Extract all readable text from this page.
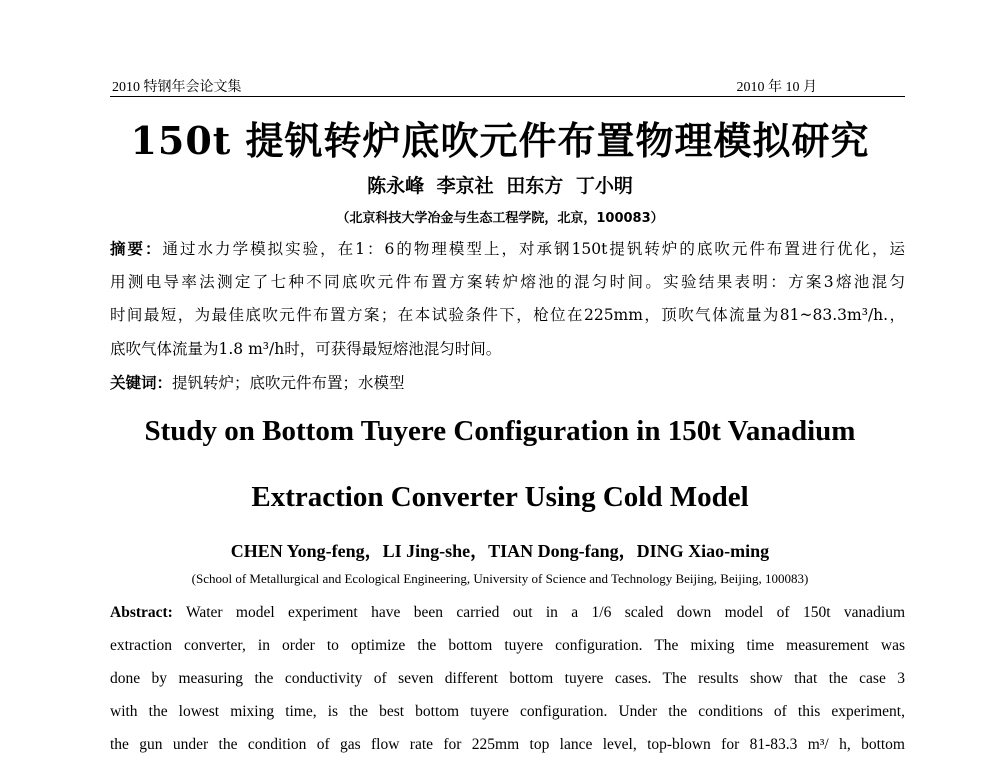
2010 特钢年会论文集	2010 年 10 月
150t 提钒转炉底吹元件布置物理模拟研究
陈永峰 李京社 田东方 丁小明
（北京科技大学冶金与生态工程学院，北京，100083）
摘要：通过水力学模拟实验，在1：6的物理模型上，对承钢150t提钒转炉的底吹元件布置进行优化，运
用测电导率法测定了七种不同底吹元件布置方案转炉熔池的混匀时间。实验结果表明：方案3熔池混匀
时间最短，为最佳底吹元件布置方案；在本试验条件下，枪位在225mm，顶吹气体流量为81~83.3m³/h.，
底吹气体流量为1.8 m³/h时，可获得最短熔池混匀时间。
关键词：提钒转炉；底吹元件布置；水模型
Study on Bottom Tuyere Configuration in 150t Vanadium
Extraction Converter Using Cold Model
CHEN Yong-feng，LI Jing-she，TIAN Dong-fang，DING Xiao-ming
(School of Metallurgical and Ecological Engineering, University of Science and Technology Beijing, Beijing, 100083)
Abstract: Water model experiment have been carried out in a 1/6 scaled down model of 150t vanadium
extraction converter, in order to optimize the bottom tuyere configuration. The mixing time measurement was
done by measuring the conductivity of seven different bottom tuyere cases. The results show that the case 3
with the lowest mixing time, is the best bottom tuyere configuration. Under the conditions of this experiment,
the gun under the condition of gas flow rate for 225mm top lance level, top-blown for 81-83.3 m³/ h, bottom
